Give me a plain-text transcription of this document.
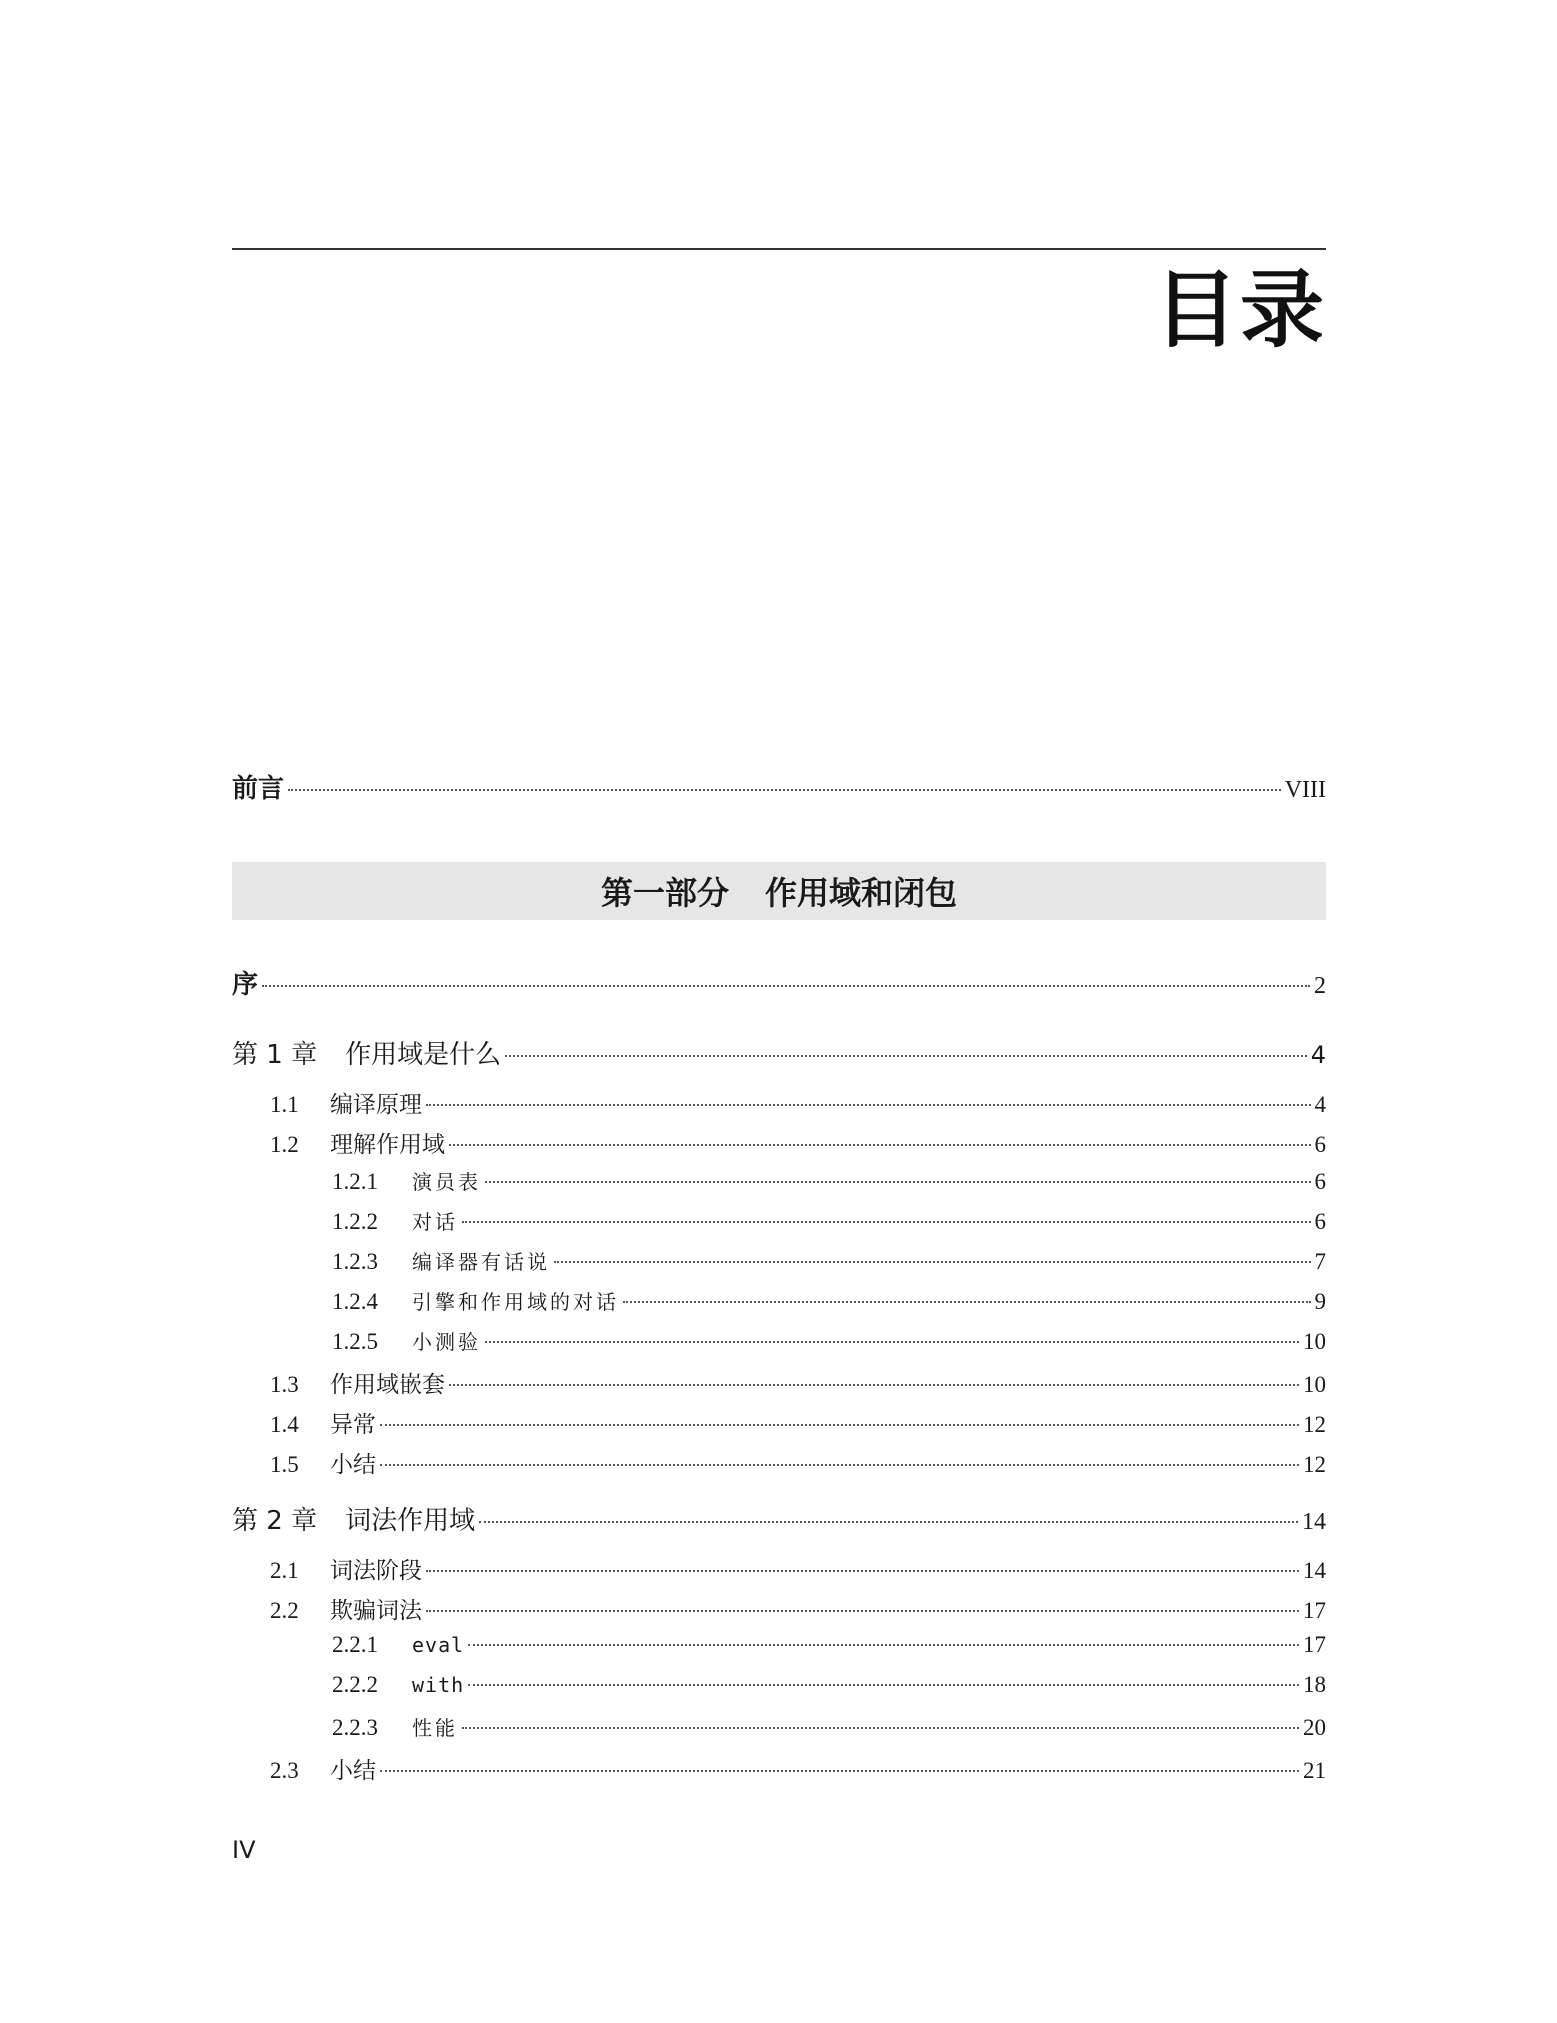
目录
前言	VIII
第一部分 作用域和闭包
序	2
第 1 章 作用域是什么	4
1.1	编译原理	4
1.2	理解作用域	6
1.2.1	演员表	6
1.2.2	对话	6
1.2.3	编译器有话说	7
1.2.4	引擎和作用域的对话	9
1.2.5	小测验	10
1.3	作用域嵌套	10
1.4	异常	12
1.5	小结	12
第 2 章 词法作用域	14
2.1	词法阶段	14
2.2	欺骗词法	17
2.2.1	eval	17
2.2.2	with	18
2.2.3	性能	20
2.3	小结	21
IV
